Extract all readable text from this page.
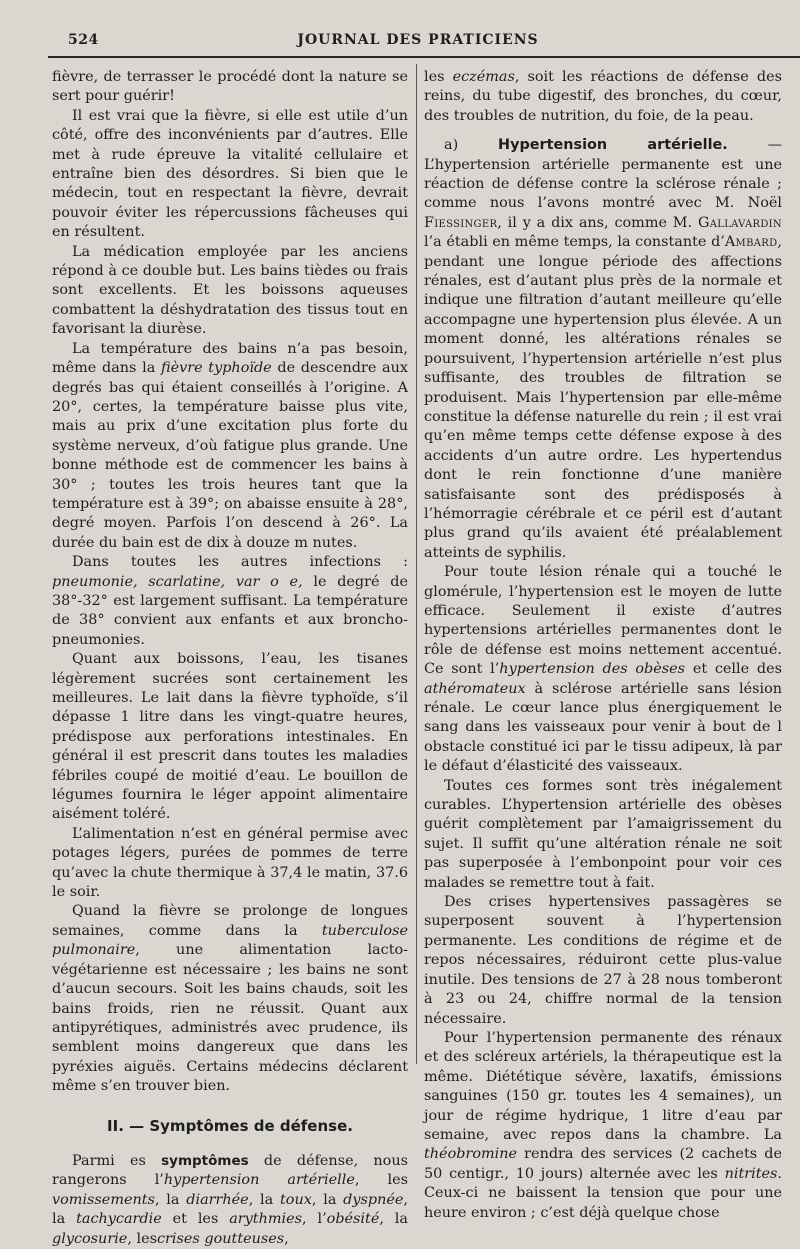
524	JOURNAL DES PRATICIENS

fièvre, de terrasser le procédé dont la nature se sert pour guérir!

Il est vrai que la fièvre, si elle est utile d’un côté, offre des inconvénients par d’autres. Elle met à rude épreuve la vitalité cellulaire et entraîne bien des désordres. Si bien que le médecin, tout en respectant la fièvre, devrait pouvoir éviter les répercussions fâcheuses qui en résultent.

La médication employée par les anciens répond à ce double but. Les bains tièdes ou frais sont excellents. Et les boissons aqueuses combattent la déshydratation des tissus tout en favorisant la diurèse.

La température des bains n’a pas besoin, même dans la fièvre typhoïde de descendre aux degrés bas qui étaient conseillés à l’origine. A 20°, certes, la température baisse plus vite, mais au prix d’une excitation plus forte du système nerveux, d’où fatigue plus grande. Une bonne méthode est de commencer les bains à 30° ; toutes les trois heures tant que la température est à 39°; on abaisse ensuite à 28°, degré moyen. Parfois l’on descend à 26°. La durée du bain est de dix à douze m nutes.

Dans toutes les autres infections : pneumonie, scarlatine, var o e, le degré de 38°-32° est largement suffisant. La température de 38° convient aux enfants et aux broncho-pneumonies.

Quant aux boissons, l’eau, les tisanes légèrement sucrées sont certainement les meilleures. Le lait dans la fièvre typhoïde, s’il dépasse 1 litre dans les vingt-quatre heures, prédispose aux perforations intestinales. En général il est prescrit dans toutes les maladies fébriles coupé de moitié d’eau. Le bouillon de légumes fournira le léger appoint alimentaire aisément toléré.

L’alimentation n’est en général permise avec potages légers, purées de pommes de terre qu’avec la chute thermique à 37,4 le matin, 37.6 le soir.

Quand la fièvre se prolonge de longues semaines, comme dans la tuberculose pulmonaire, une alimentation lacto-végétarienne est nécessaire ; les bains ne sont d’aucun secours. Soit les bains chauds, soit les bains froids, rien ne réussit. Quant aux antipyrétiques, administrés avec prudence, ils semblent moins dangereux que dans les pyréxies aiguës. Certains médecins déclarent même s’en trouver bien.

II. — Symptômes de défense.

Parmi es symptômes de défense, nous rangerons l’hypertension artérielle, les vomissements, la diarrhée, la toux, la dyspnée, la tachycardie et les arythmies, l’obésité, la glycosurie, lescrises goutteuses,

les eczémas, soit les réactions de défense des reins, du tube digestif, des bronches, du cœur, des troubles de nutrition, du foie, de la peau.

a) Hypertension artérielle. — L’hypertension artérielle permanente est une réaction de défense contre la sclérose rénale ; comme nous l’avons montré avec M. Noël Fiessinger, il y a dix ans, comme M. Gallavardin l’a établi en même temps, la constante d’Ambard, pendant une longue période des affections rénales, est d’autant plus près de la normale et indique une filtration d’autant meilleure qu’elle accompagne une hypertension plus élevée. A un moment donné, les altérations rénales se poursuivent, l’hypertension artérielle n’est plus suffisante, des troubles de filtration se produisent. Mais l’hypertension par elle-même constitue la défense naturelle du rein ; il est vrai qu’en même temps cette défense expose à des accidents d’un autre ordre. Les hypertendus dont le rein fonctionne d’une manière satisfaisante sont des prédisposés à l’hémorragie cérébrale et ce péril est d’autant plus grand qu’ils avaient été préalablement atteints de syphilis.

Pour toute lésion rénale qui a touché le glomérule, l’hypertension est le moyen de lutte efficace. Seulement il existe d’autres hypertensions artérielles permanentes dont le rôle de défense est moins nettement accentué. Ce sont l’hypertension des obèses et celle des athéromateux à sclérose artérielle sans lésion rénale. Le cœur lance plus énergiquement le sang dans les vaisseaux pour venir à bout de l obstacle constitué ici par le tissu adipeux, là par le défaut d’élasticité des vaisseaux.

Toutes ces formes sont très inégalement curables. L’hypertension artérielle des obèses guérit complètement par l’amaigrissement du sujet. Il suffit qu’une altération rénale ne soit pas superposée à l’embonpoint pour voir ces malades se remettre tout à fait.

Des crises hypertensives passagères se superposent souvent à l’hypertension permanente. Les conditions de régime et de repos nécessaires, réduiront cette plus-value inutile. Des tensions de 27 à 28 nous tomberont à 23 ou 24, chiffre normal de la tension nécessaire.

Pour l’hypertension permanente des rénaux et des scléreux artériels, la thérapeutique est la même. Diététique sévère, laxatifs, émissions sanguines (150 gr. toutes les 4 semaines), un jour de régime hydrique, 1 litre d’eau par semaine, avec repos dans la chambre. La théobromine rendra des services (2 cachets de 50 centigr., 10 jours) alternée avec les nitrites. Ceux-ci ne baissent la tension que pour une heure environ ; c’est déjà quelque chose
